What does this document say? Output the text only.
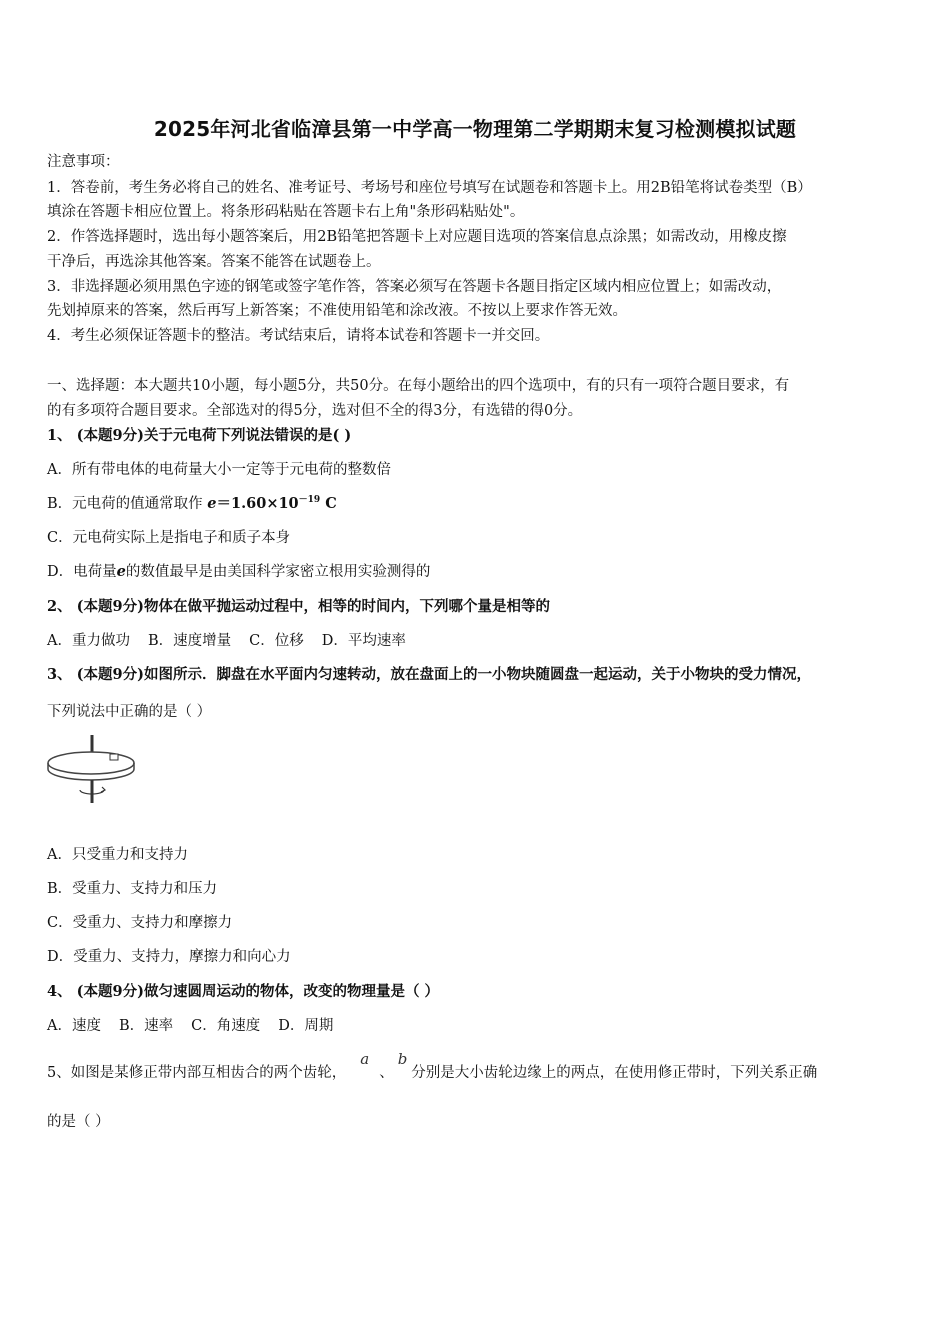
2025年河北省临漳县第一中学高一物理第二学期期末复习检测模拟试题
注意事项：
1．答卷前，考生务必将自己的姓名、准考证号、考场号和座位号填写在试题卷和答题卡上。用2B铅笔将试卷类型（B）
填涂在答题卡相应位置上。将条形码粘贴在答题卡右上角"条形码粘贴处"。
2．作答选择题时，选出每小题答案后，用2B铅笔把答题卡上对应题目选项的答案信息点涂黑；如需改动，用橡皮擦
干净后，再选涂其他答案。答案不能答在试题卷上。
3．非选择题必须用黑色字迹的钢笔或签字笔作答，答案必须写在答题卡各题目指定区域内相应位置上；如需改动，
先划掉原来的答案，然后再写上新答案；不准使用铅笔和涂改液。不按以上要求作答无效。
4．考生必须保证答题卡的整洁。考试结束后，请将本试卷和答题卡一并交回。
一、选择题：本大题共10小题，每小题5分，共50分。在每小题给出的四个选项中，有的只有一项符合题目要求，有
的有多项符合题目要求。全部选对的得5分，选对但不全的得3分，有选错的得0分。
1、 (本题9分)关于元电荷下列说法错误的是( )
A．所有带电体的电荷量大小一定等于元电荷的整数倍
B．元电荷的值通常取作 $e=1.60\times 10^{-19}$ C
C．元电荷实际上是指电子和质子本身
D．电荷量e的数值最早是由美国科学家密立根用实验测得的
2、 (本题9分)物体在做平抛运动过程中，相等的时间内，下列哪个量是相等的
A．重力做功 B．速度增量 C．位移 D．平均速率
3、 (本题9分)如图所示．脚盘在水平面内匀速转动，放在盘面上的一小物块随圆盘一起运动，关于小物块的受力情况，
下列说法中正确的是（ ）
A．只受重力和支持力
B．受重力、支持力和压力
C．受重力、支持力和摩擦力
D．受重力、支持力，摩擦力和向心力
4、 (本题9分)做匀速圆周运动的物体，改变的物理量是（ ）
A．速度 B．速率 C．角速度 D．周期
5、如图是某修正带内部互相齿合的两个齿轮，a、b分别是大小齿轮边缘上的两点，在使用修正带时，下列关系正确
的是（ ）
